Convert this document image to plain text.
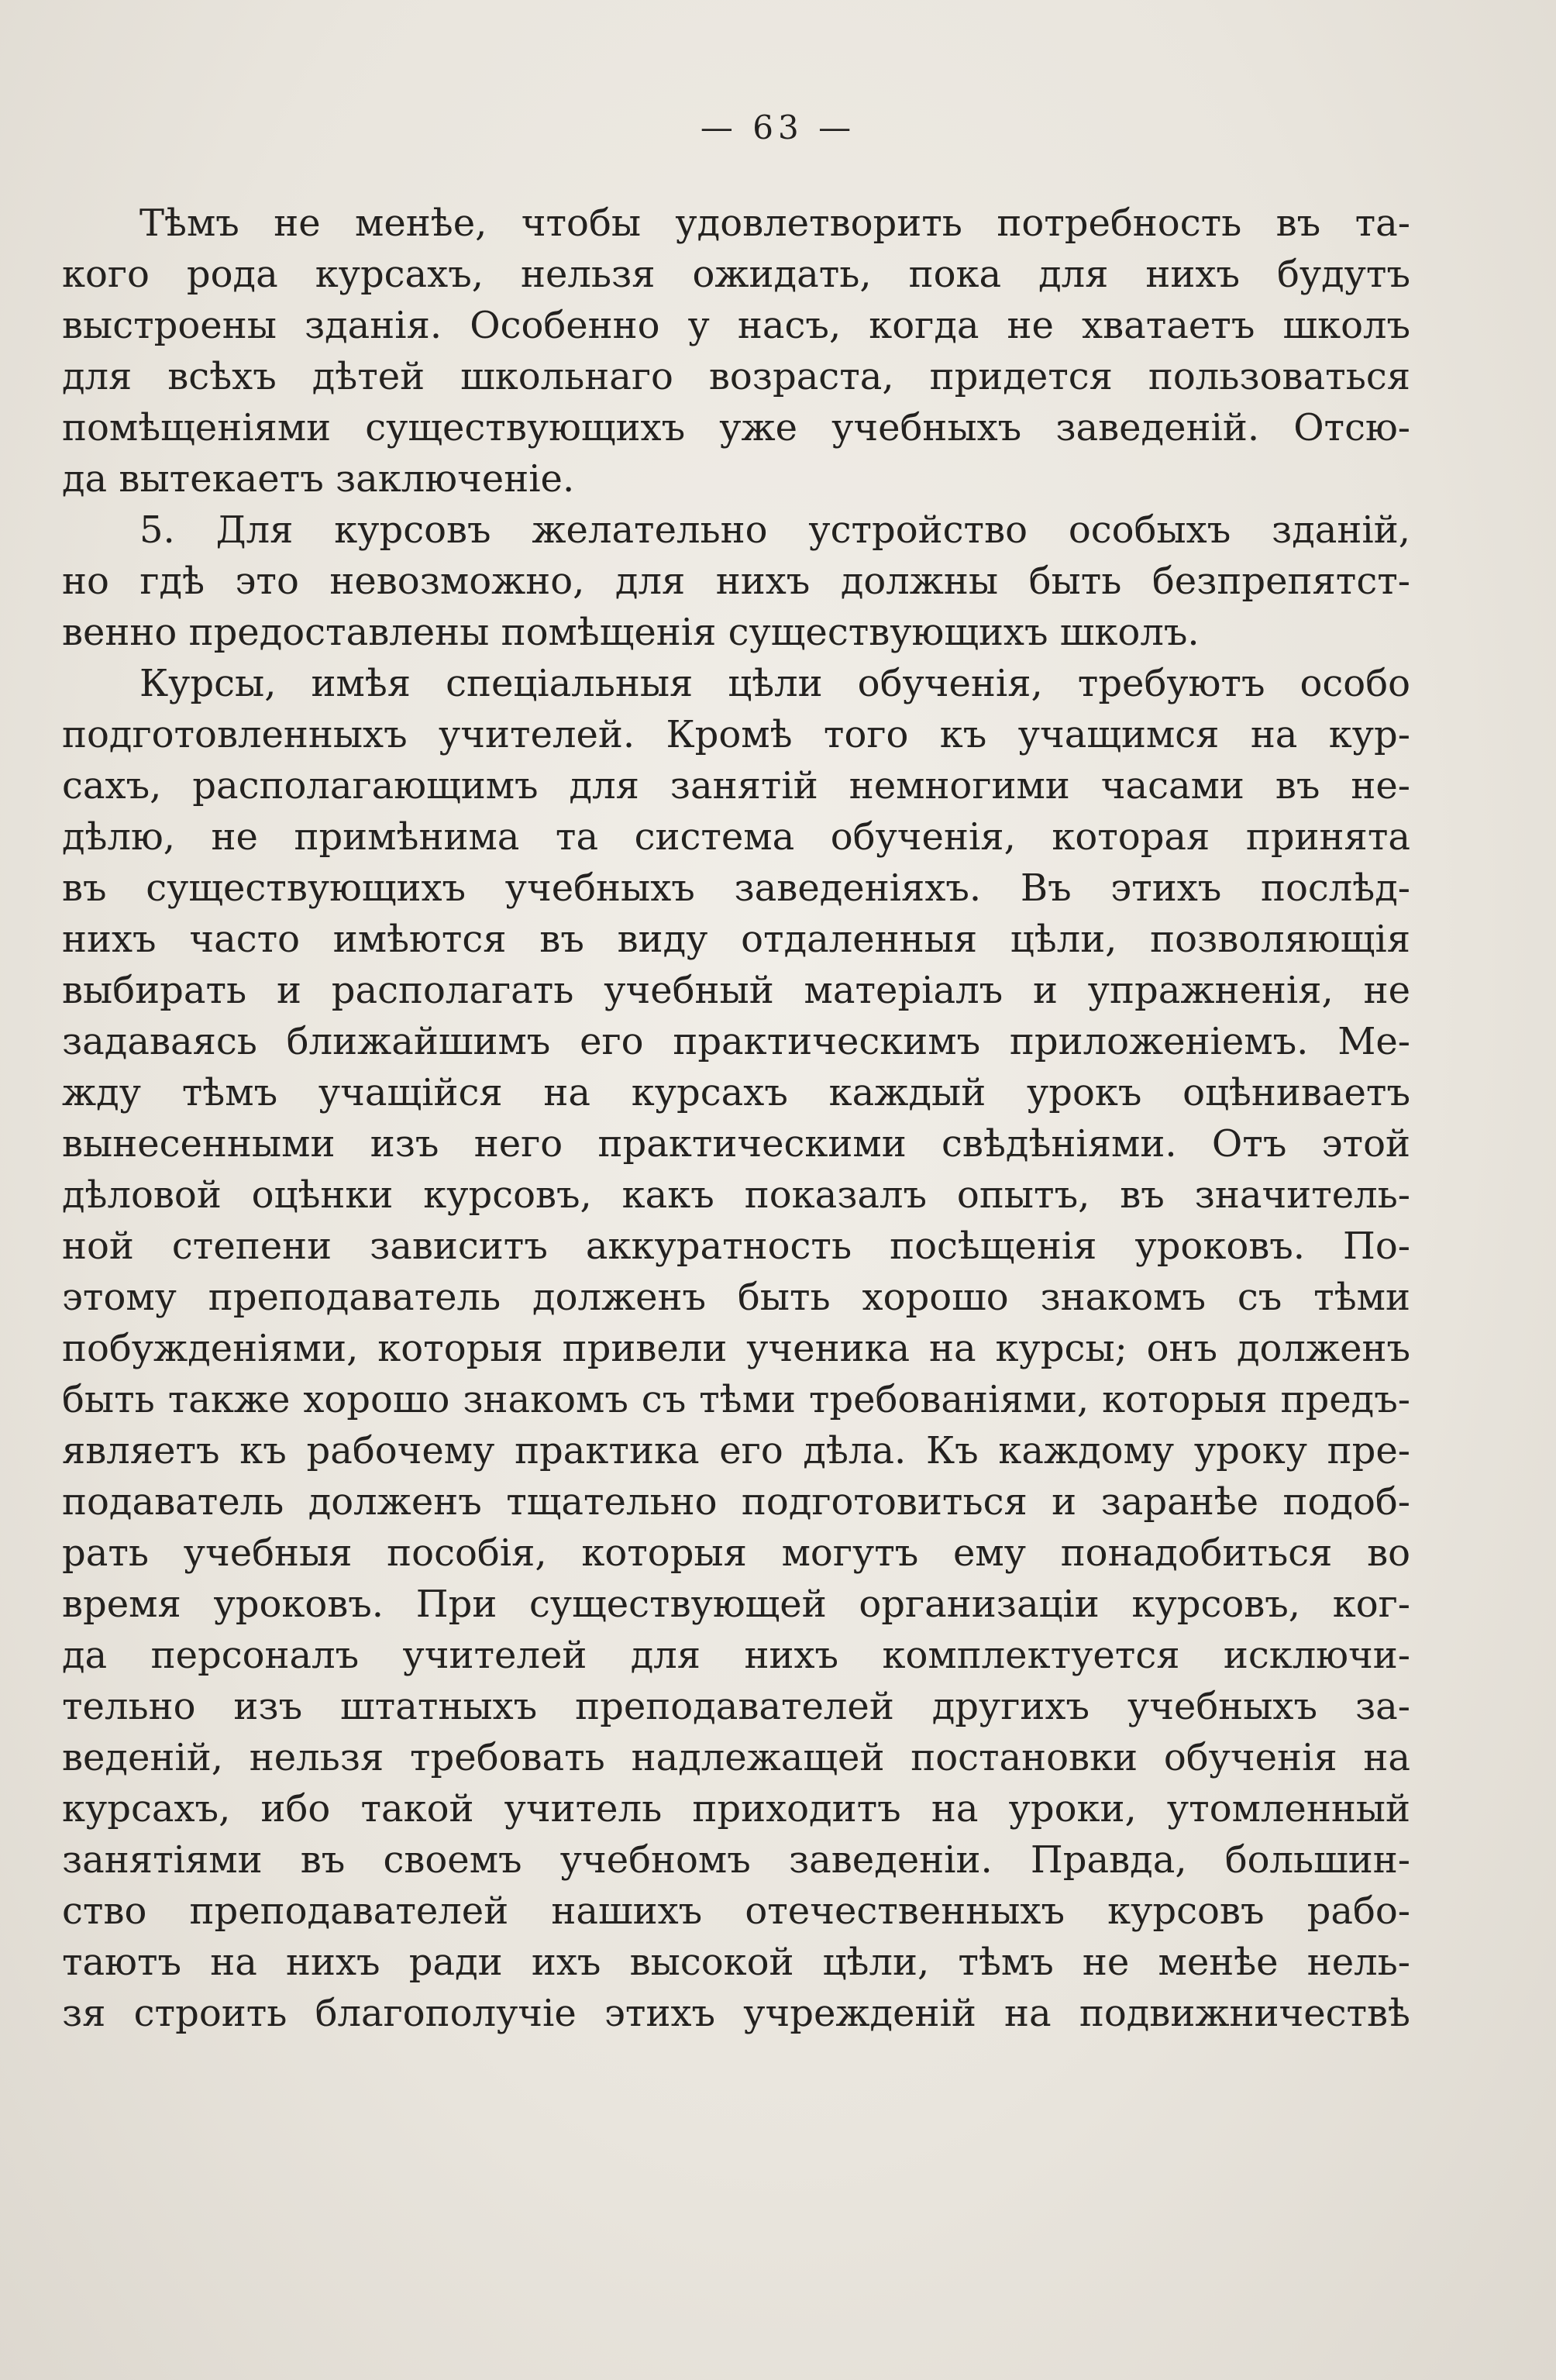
— 63 —
Тѣмъ не менѣе, чтобы удовлетворить потребность въ та-
кого рода курсахъ, нельзя ожидать, пока для нихъ будутъ
выстроены зданія. Особенно у насъ, когда не хватаетъ школъ
для всѣхъ дѣтей школьнаго возраста, придется пользоваться
помѣщеніями существующихъ уже учебныхъ заведеній. Отсю-
да вытекаетъ заключеніе.
5. Для курсовъ желательно устройство особыхъ зданій,
но гдѣ это невозможно, для нихъ должны быть безпрепятст-
венно предоставлены помѣщенія существующихъ школъ.
Курсы, имѣя спеціальныя цѣли обученія, требуютъ особо
подготовленныхъ учителей. Кромѣ того къ учащимся на кур-
сахъ, располагающимъ для занятій немногими часами въ не-
дѣлю, не примѣнима та система обученія, которая принята
въ существующихъ учебныхъ заведеніяхъ. Въ этихъ послѣд-
нихъ часто имѣются въ виду отдаленныя цѣли, позволяющія
выбирать и располагать учебный матеріалъ и упражненія, не
задаваясь ближайшимъ его практическимъ приложеніемъ. Ме-
жду тѣмъ учащійся на курсахъ каждый урокъ оцѣниваетъ
вынесенными изъ него практическими свѣдѣніями. Отъ этой
дѣловой оцѣнки курсовъ, какъ показалъ опытъ, въ значитель-
ной степени зависитъ аккуратность посѣщенія уроковъ. По-
этому преподаватель долженъ быть хорошо знакомъ съ тѣми
побужденіями, которыя привели ученика на курсы; онъ долженъ
быть также хорошо знакомъ съ тѣми требованіями, которыя предъ-
являетъ къ рабочему практика его дѣла. Къ каждому уроку пре-
подаватель долженъ тщательно подготовиться и заранѣе подоб-
рать учебныя пособія, которыя могутъ ему понадобиться во
время уроковъ. При существующей организаціи курсовъ, ког-
да персоналъ учителей для нихъ комплектуется исключи-
тельно изъ штатныхъ преподавателей другихъ учебныхъ за-
веденій, нельзя требовать надлежащей постановки обученія на
курсахъ, ибо такой учитель приходитъ на уроки, утомленный
занятіями въ своемъ учебномъ заведеніи. Правда, большин-
ство преподавателей нашихъ отечественныхъ курсовъ рабо-
таютъ на нихъ ради ихъ высокой цѣли, тѣмъ не менѣе нель-
зя строить благополучіе этихъ учрежденій на подвижничествѣ
